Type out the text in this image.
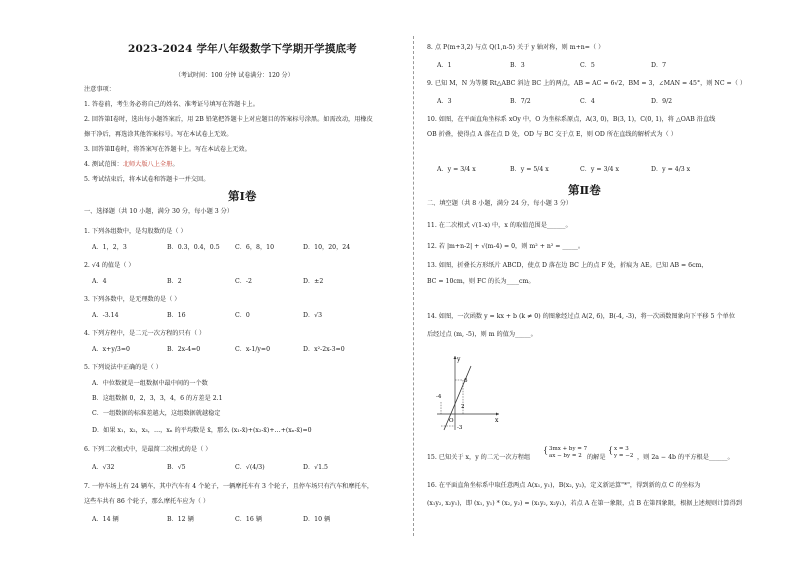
2023-2024 学年八年级数学下学期开学摸底考
（考试时间：100 分钟 试卷满分：120 分）
注意事项：
1. 答卷前，考生务必将自己的姓名、准考证号填写在答题卡上。
2. 回答第Ⅰ卷时，选出每小题答案后，用 2B 铅笔把答题卡上对应题目的答案标号涂黑。如需改动，用橡皮
擦干净后，再选涂其他答案标号。写在本试卷上无效。
3. 回答第Ⅱ卷时，将答案写在答题卡上。写在本试卷上无效。
4. 测试范围：北师大版八上全册。
5. 考试结束后，将本试卷和答题卡一并交回。
第Ⅰ卷
一、选择题（共 10 小题，满分 30 分，每小题 3 分）
1. 下列各组数中，是勾股数的是（ ）
A．1，2，3	B．0.3，0.4，0.5 C．6，8，10	D．10，20，24
2. √4 的值是（ ）
A．4	B．2	C．-2	D．±2
3. 下列各数中，是无理数的是（ ）
A．-3.14	B．16	C．0	D．√3
4. 下列方程中，是二元一次方程的只有（ ）
A．x+y/3=0	B．2x-4=0	C．x-1/y=0	D．x²-2x-3=0
5. 下列说法中正确的是（ ）
A．中位数就是一组数据中最中间的一个数
B．这组数据 0，2，3，3，4，6 的方差是 2.1
C．一组数据的标准差越大，这组数据就越稳定
D．如果 x₁，x₂，x₃，…，xₙ 的平均数是 x̄，那么 (x₁-x̄)+(x₂-x̄)+…+(xₙ-x̄)=0
6. 下列二次根式中，是最简二次根式的是（ ）
A．√32	B．√5	C．√(4/3)	D．√1.5
7. 一停车场上有 24 辆车，其中汽车有 4 个轮子，一辆摩托车有 3 个轮子，且停车场只有汽车和摩托车，
这些车共有 86 个轮子，那么摩托车应为（ ）
A．14 辆	B．12 辆	C．16 辆	D．10 辆
8. 点 P(m+3,2) 与点 Q(1,n-5) 关于 y 轴对称，则 m+n=（ ）
A．1	B．3	C．5	D．7
9. 已知 M，N 为等腰 Rt△ABC 斜边 BC 上的两点，AB = AC = 6√2，BM = 3，∠MAN = 45°，则 NC =（ ）
A．3	B．7/2	C．4	D．9/2
10. 如图，在平面直角坐标系 xOy 中，O 为坐标系原点，A(3, 0)，B(3, 1)，C(0, 1)，将 △OAB 沿直线
OB 折叠，使得点 A 落在点 D 处，OD 与 BC 交于点 E，则 OD 所在直线的解析式为（ ）
A．y = 3/4 x	B．y = 5/4 x	C．y = 3/4 x	D．y = 4/3 x
第Ⅱ卷
二、填空题（共 8 小题，满分 24 分，每小题 3 分）
11. 在二次根式 √(1-x) 中，x 的取值范围是______。
12. 若 |m+n-2| + √(m-4) = 0，则 m² + n² = _____。
13. 如图，折叠长方形纸片 ABCD，使点 D 落在边 BC 上的点 F 处，折痕为 AE。已知 AB = 6cm，
BC = 10cm，则 FC 的长为____cm。
14. 如图，一次函数 y = kx + b (k ≠ 0) 的图象经过点 A(2, 6)，B(-4, -3)，将一次函数图象向下平移 5 个单位
后经过点 (m, -5)，则 m 的值为_____。
y
x
O
6
-4
2
-3
15. 已知关于 x，y 的二元一次方程组
{ 3mx + by = 7
ax − by = 2 的解是
{ x = 3
y = −2 ，则 2a − 4b 的平方根是______。
16. 在平面直角坐标系中取任意两点 A(x₁, y₁)，B(x₂, y₂)，定义新运算"*"，得到新的点 C 的坐标为
(x₁y₂, x₂y₁)，即 (x₁, y₁) * (x₂, y₂) = (x₁y₂, x₂y₁)，若点 A 在第一象限，点 B 在第四象限，根据上述规则计算得到
